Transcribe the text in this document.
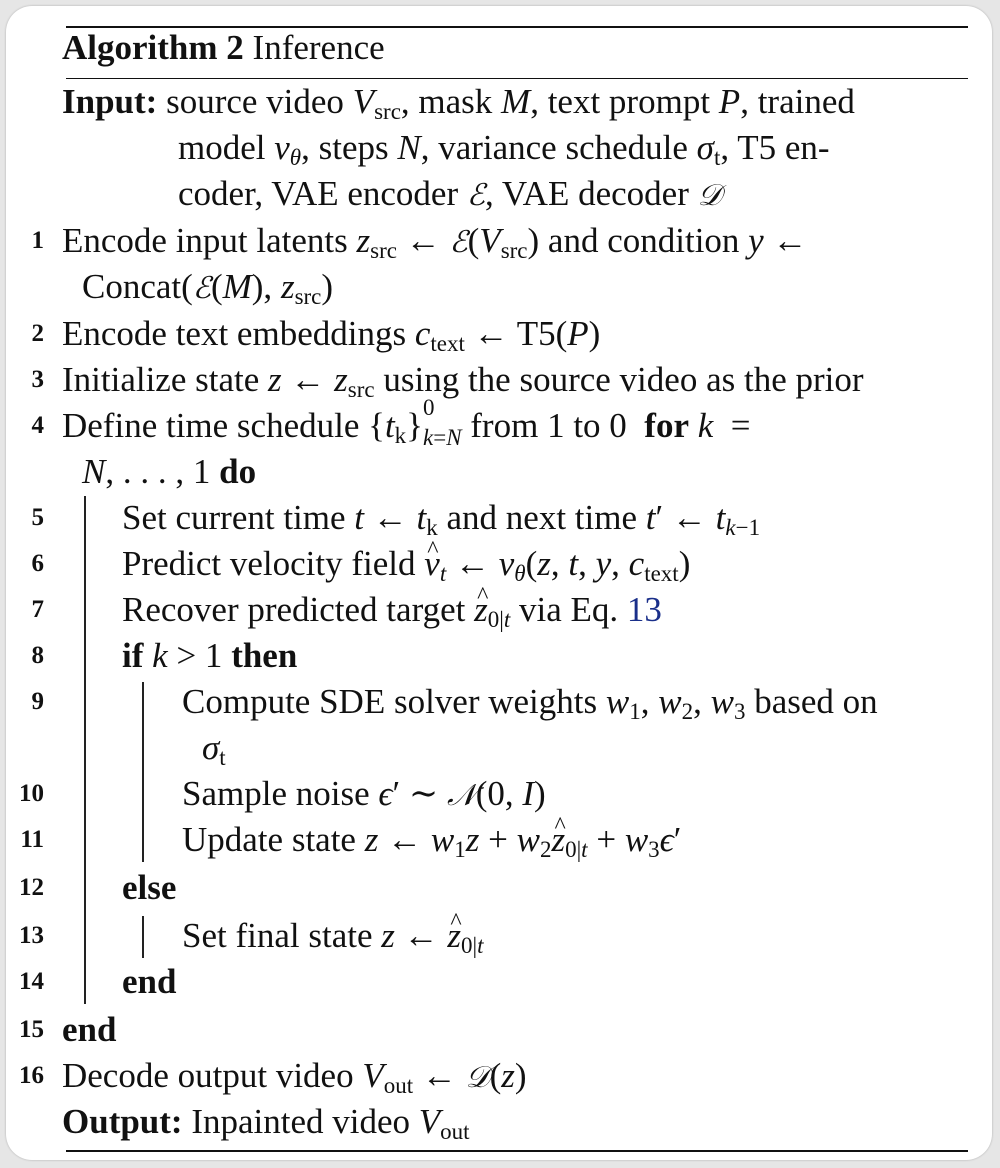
Algorithm 2 Inference
Input: source video $V_{src}$, mask M, text prompt P, trained
model $v_\theta$, steps N, variance schedule $\sigma_t$, T5 en-
coder, VAE encoder ℰ, VAE decoder 𝒟
1
2
3
4
5
6
7
8
9
10
11
12
13
14
15
16
Encode input latents $z_{src}$ ← $ℰ(V_{src})$ and condition y ←
Concat(ℰ(M), $z_{src}$)
Encode text embeddings $c_{text}$ ← T5(P)
Initialize state z ← $z_{src}$ using the source video as the prior
Define time schedule $\{t_k\}$ 0
$_{k=N}$ from 1 to 0  for k  =
N, . . . , 1 do
Set current time t ← $t_k$ and next time t′ ← $t_{k-1}$
Predict velocity field ^ $v_t$ ← $v_\theta(z$, t, y, $c_{text}$)
Recover predicted target ^ $z_{0|t}$ via Eq. 13
if k > 1 then
Compute SDE solver weights $w_1$, $w_2$, $w_3$ based on
$\sigma_t$
Sample noise ϵ′ ∼ 𝒩(0, I)
Update state z ← $w_1z$ + $w_2\^{}$ $z_{0|t} + w_3\epsilon'$
else
Set final state z ← ^ $z_{0|t}$
end
end
Decode output video $V_{out}$ ← 𝒟(z)
Output: Inpainted video $V_{out}$
